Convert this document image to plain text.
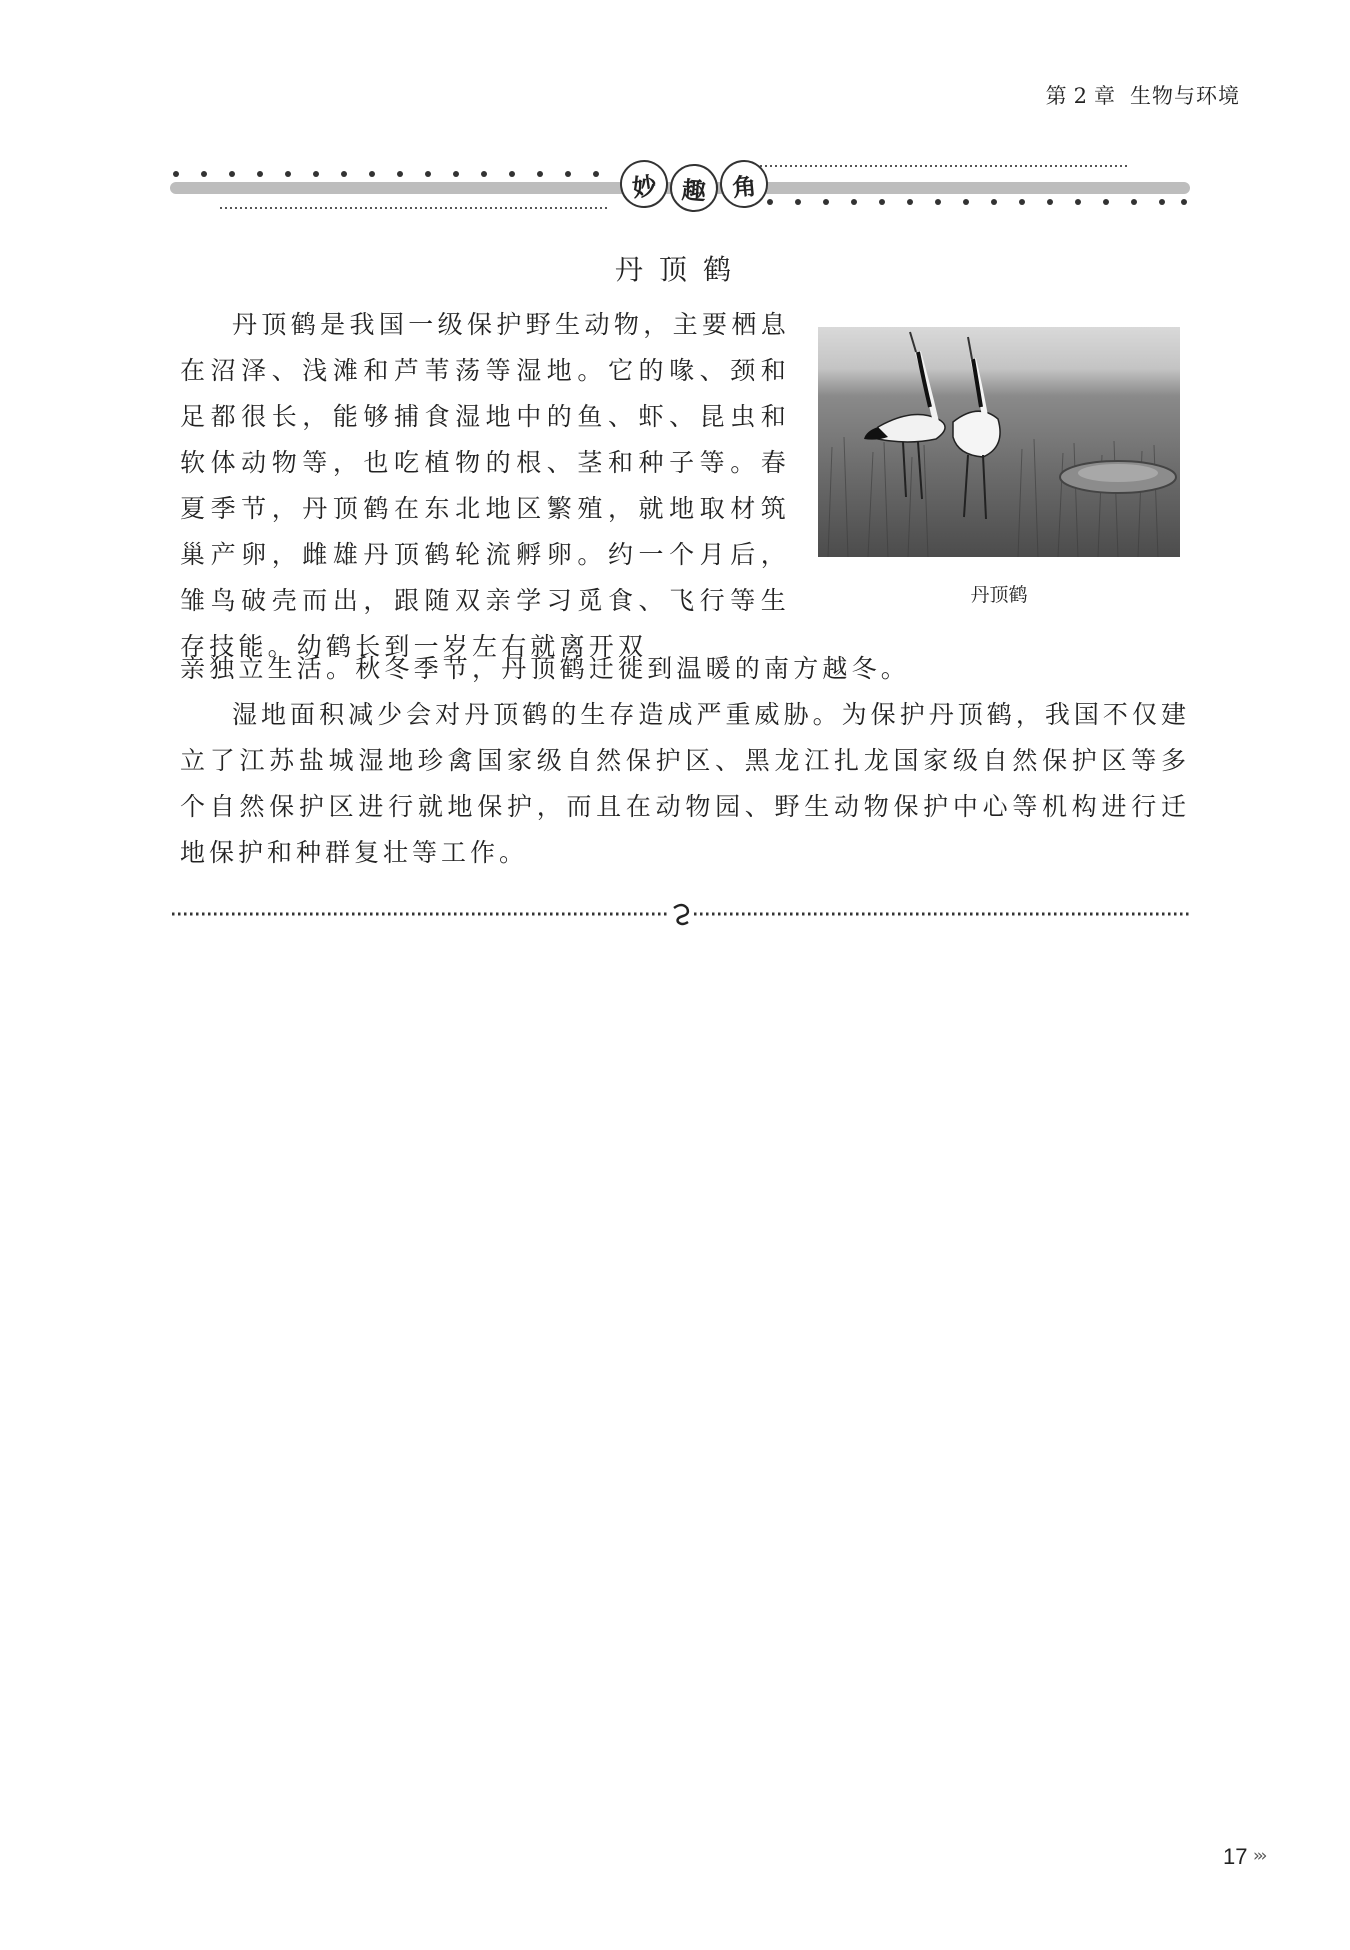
第 2 章 生物与环境
妙 趣	角
丹 顶 鹤
丹顶鹤

丹顶鹤是我国一级保护野生动物，主要栖息在沼泽、浅滩和芦苇荡等湿地。它的喙、颈和足都很长，能够捕食湿地中的鱼、虾、昆虫和软体动物等，也吃植物的根、茎和种子等。春夏季节，丹顶鹤在东北地区繁殖，就地取材筑巢产卵，雌雄丹顶鹤轮流孵卵。约一个月后，雏鸟破壳而出，跟随双亲学习觅食、飞行等生存技能。幼鹤长到一岁左右就离开双

亲独立生活。秋冬季节，丹顶鹤迁徙到温暖的南方越冬。

湿地面积减少会对丹顶鹤的生存造成严重威胁。为保护丹顶鹤，我国不仅建立了江苏盐城湿地珍禽国家级自然保护区、黑龙江扎龙国家级自然保护区等多个自然保护区进行就地保护，而且在动物园、野生动物保护中心等机构进行迁地保护和种群复壮等工作。

17 ›››
